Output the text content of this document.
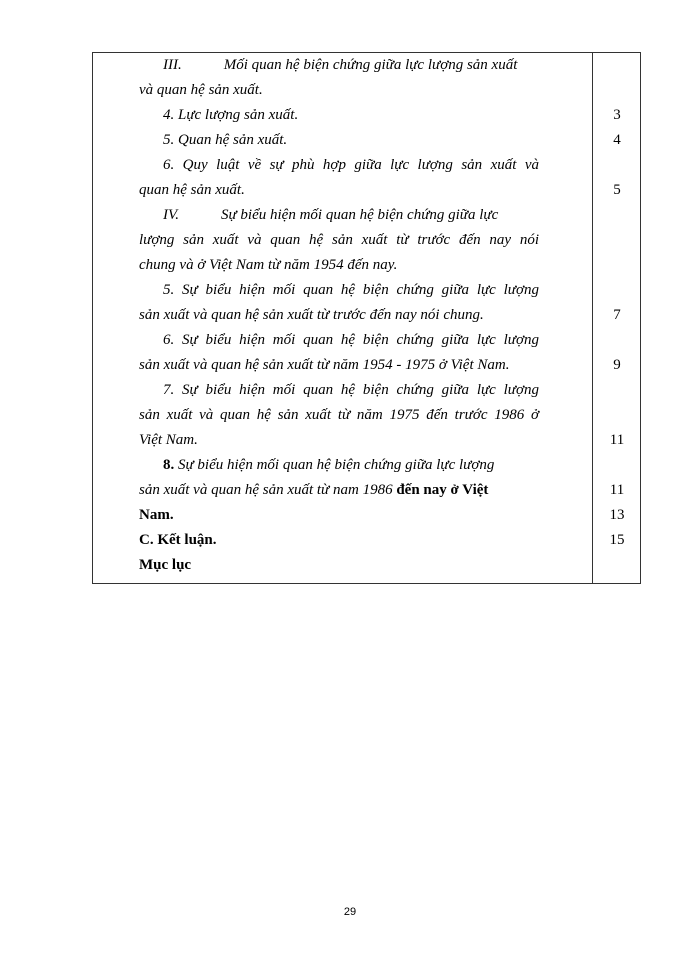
III.	Mối quan hệ biện chứng giữa lực lượng sản xuất
và quan hệ sản xuất.
4. Lực lượng sản xuất.
5. Quan hệ sản xuất.
6. Quy luật về sự phù hợp giữa lực lượng sản xuất và
quan hệ sản xuất.
IV.	Sự biểu hiện mối quan hệ biện chứng giữa lực
lượng sản xuất và quan hệ sản xuất từ trước đến nay nói
chung và ở Việt Nam từ năm 1954 đến nay.
5. Sự biểu hiện mối quan hệ biện chứng giữa lực lượng
sản xuất và quan hệ sản xuất từ trước đến nay nói chung.
6. Sự biểu hiện mối quan hệ biện chứng giữa lực lượng
sản xuất và quan hệ sản xuất từ năm 1954 - 1975 ở Việt Nam.
7. Sự biểu hiện mối quan hệ biện chứng giữa lực lượng
sản xuất và quan hệ sản xuất từ năm 1975 đến trước 1986 ở
Việt Nam.
8. Sự biểu hiện mối quan hệ biện chứng giữa lực lượng
sản xuất và quan hệ sản xuất từ nam 1986 đến nay ở Việt
Nam.
C. Kết luận.
Mục lục
3
4
5
7
9
11
11
13
15
29
